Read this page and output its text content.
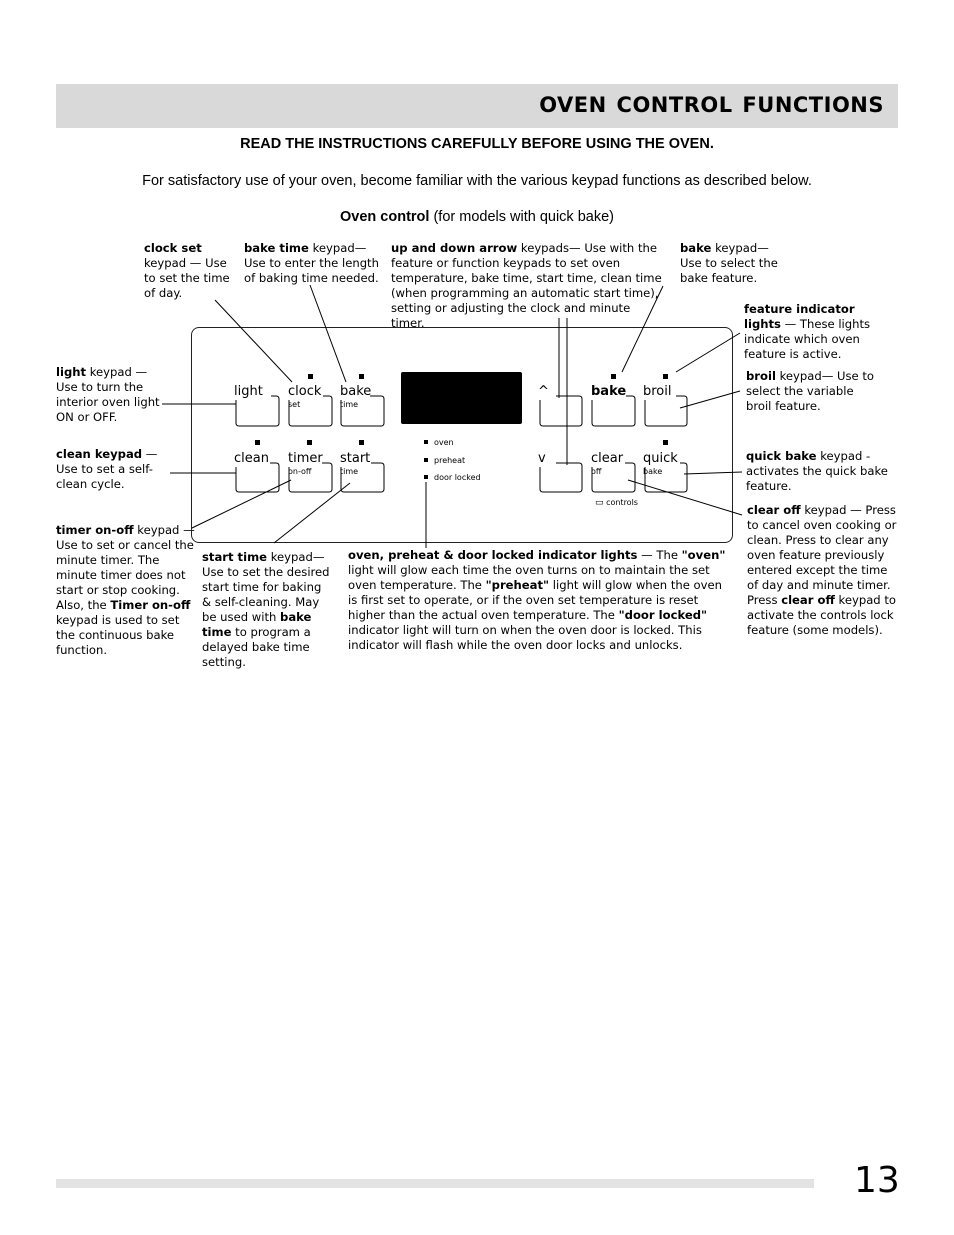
OVEN CONTROL FUNCTIONS
READ THE INSTRUCTIONS CAREFULLY BEFORE USING THE OVEN.
For satisfactory use of your oven, become familiar with the various keypad functions as described below.
Oven control (for models with quick bake)
clock set
keypad — Use to set the time of day.
bake time keypad— Use to enter the length of baking time needed.
up and down arrow keypads— Use with the feature or function keypads to set oven temperature, bake time, start time, clean time (when programming an automatic start time), setting or adjusting the clock and minute timer.
bake keypad— Use to select the bake feature.
feature indicator lights — These lights indicate which oven feature is active.
light keypad — Use to turn the interior oven light ON or OFF.
broil keypad— Use to select the variable broil feature.
clean keypad — Use to set a self-clean cycle.
quick bake keypad - activates the quick bake feature.
clear off keypad — Press to cancel oven cooking or clean. Press to clear any oven feature previously entered except the time of day and minute timer. Press clear off keypad to activate the controls lock feature (some models).
timer on-off keypad — Use to set or cancel the minute timer. The minute timer does not start or stop cooking. Also, the Timer on-off keypad is used to set the continuous bake function.
start time keypad— Use to set the desired start time for baking & self-cleaning. May be used with bake time to program a delayed bake time setting.
oven, preheat & door locked indicator lights — The "oven" light will glow each time the oven turns on to maintain the set oven temperature. The "preheat" light will glow when the oven is first set to operate, or if the oven set temperature is reset higher than the actual oven temperature. The "door locked" indicator light will turn on when the oven door is locked. This indicator will flash while the oven door locks and unlocks.
oven
preheat
door locked
light clock
set
bake
time
^	bake broil
clean timer
on-off
start
time
v	clear
off
quick
bake
▭ controls
13
